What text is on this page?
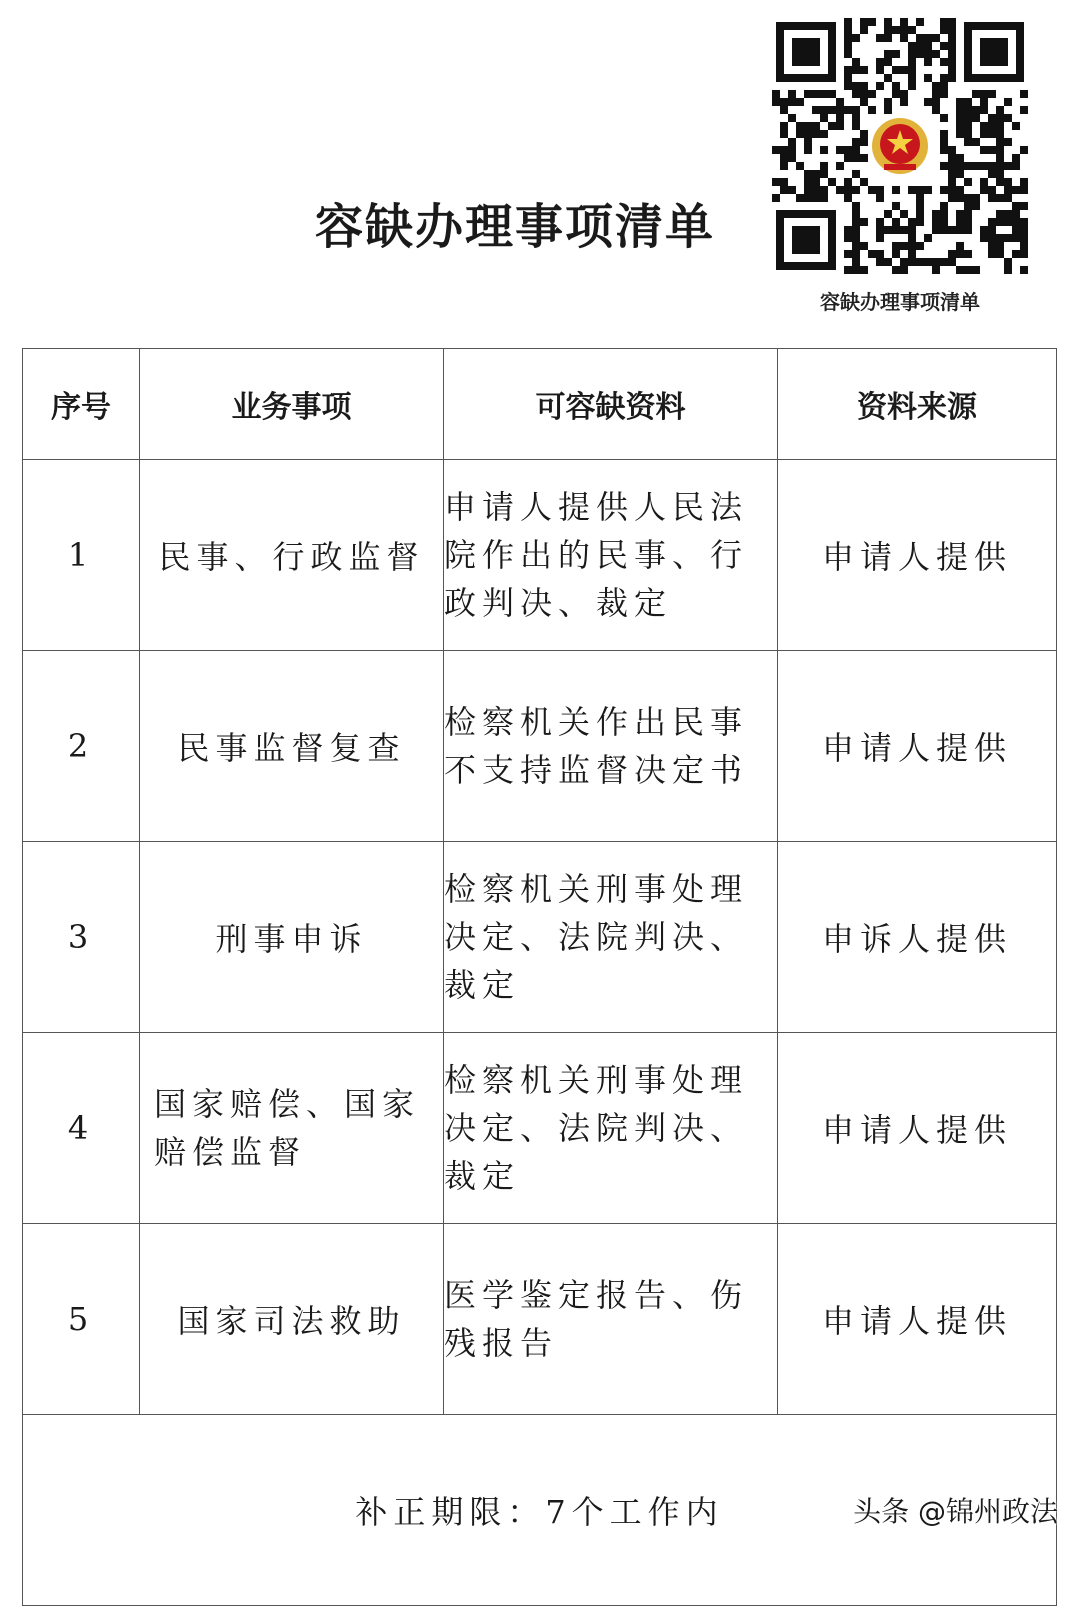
容缺办理事项清单
容缺办理事项清单
序号	业务事项	可容缺资料	资料来源
1	民事、行政监督	申请人提供人民法院作出的民事、行政判决、裁定	申请人提供
2	民事监督复查	检察机关作出民事不支持监督决定书	申请人提供
3	刑事申诉	检察机关刑事处理决定、法院判决、裁定	申诉人提供
4	国家赔偿、国家赔偿监督	检察机关刑事处理决定、法院判决、裁定	申请人提供
5	国家司法救助	医学鉴定报告、伤残报告	申请人提供
补正期限：7个工作内				头条 @锦州政法
